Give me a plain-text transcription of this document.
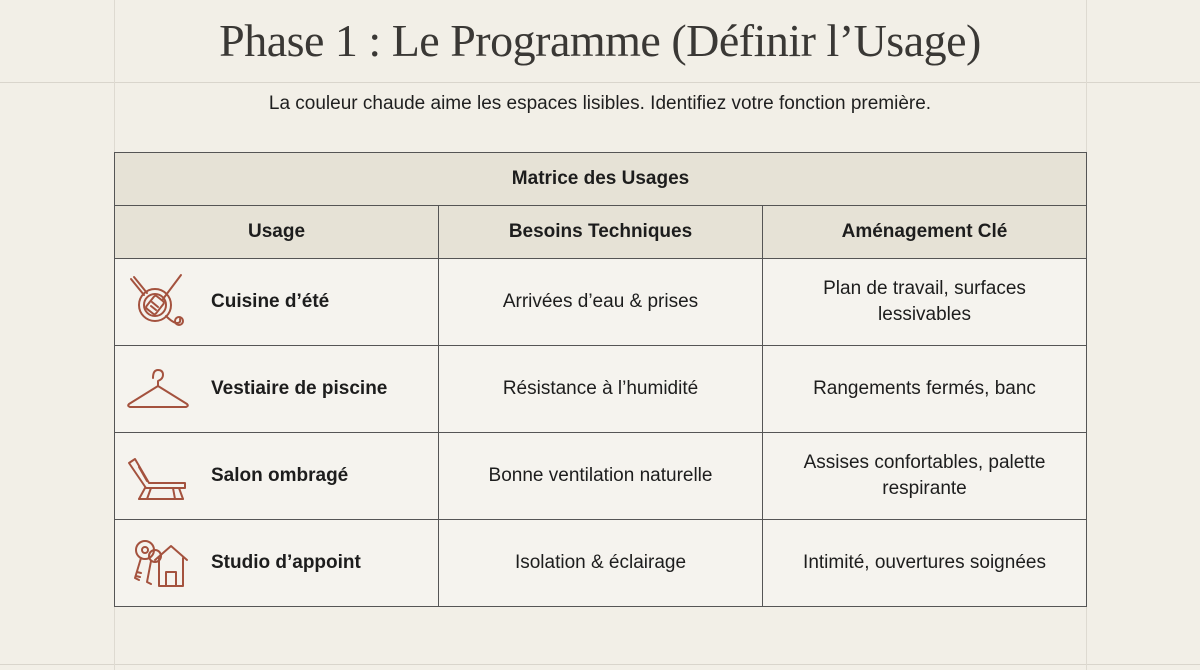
Phase 1 : Le Programme (Définir l’Usage)
La couleur chaude aime les espaces lisibles. Identifiez votre fonction première.
Matrice des Usages		
Usage	Besoins Techniques	Aménagement Clé

Cuisine d’été	Arrivées d’eau & prises	Plan de travail, surfaces lessivables

Vestiaire de piscine	Résistance à l’humidité	Rangements fermés, banc

Salon ombragé	Bonne ventilation naturelle	Assises confortables, palette respirante

Studio d’appoint	Isolation & éclairage	Intimité, ouvertures soignées
